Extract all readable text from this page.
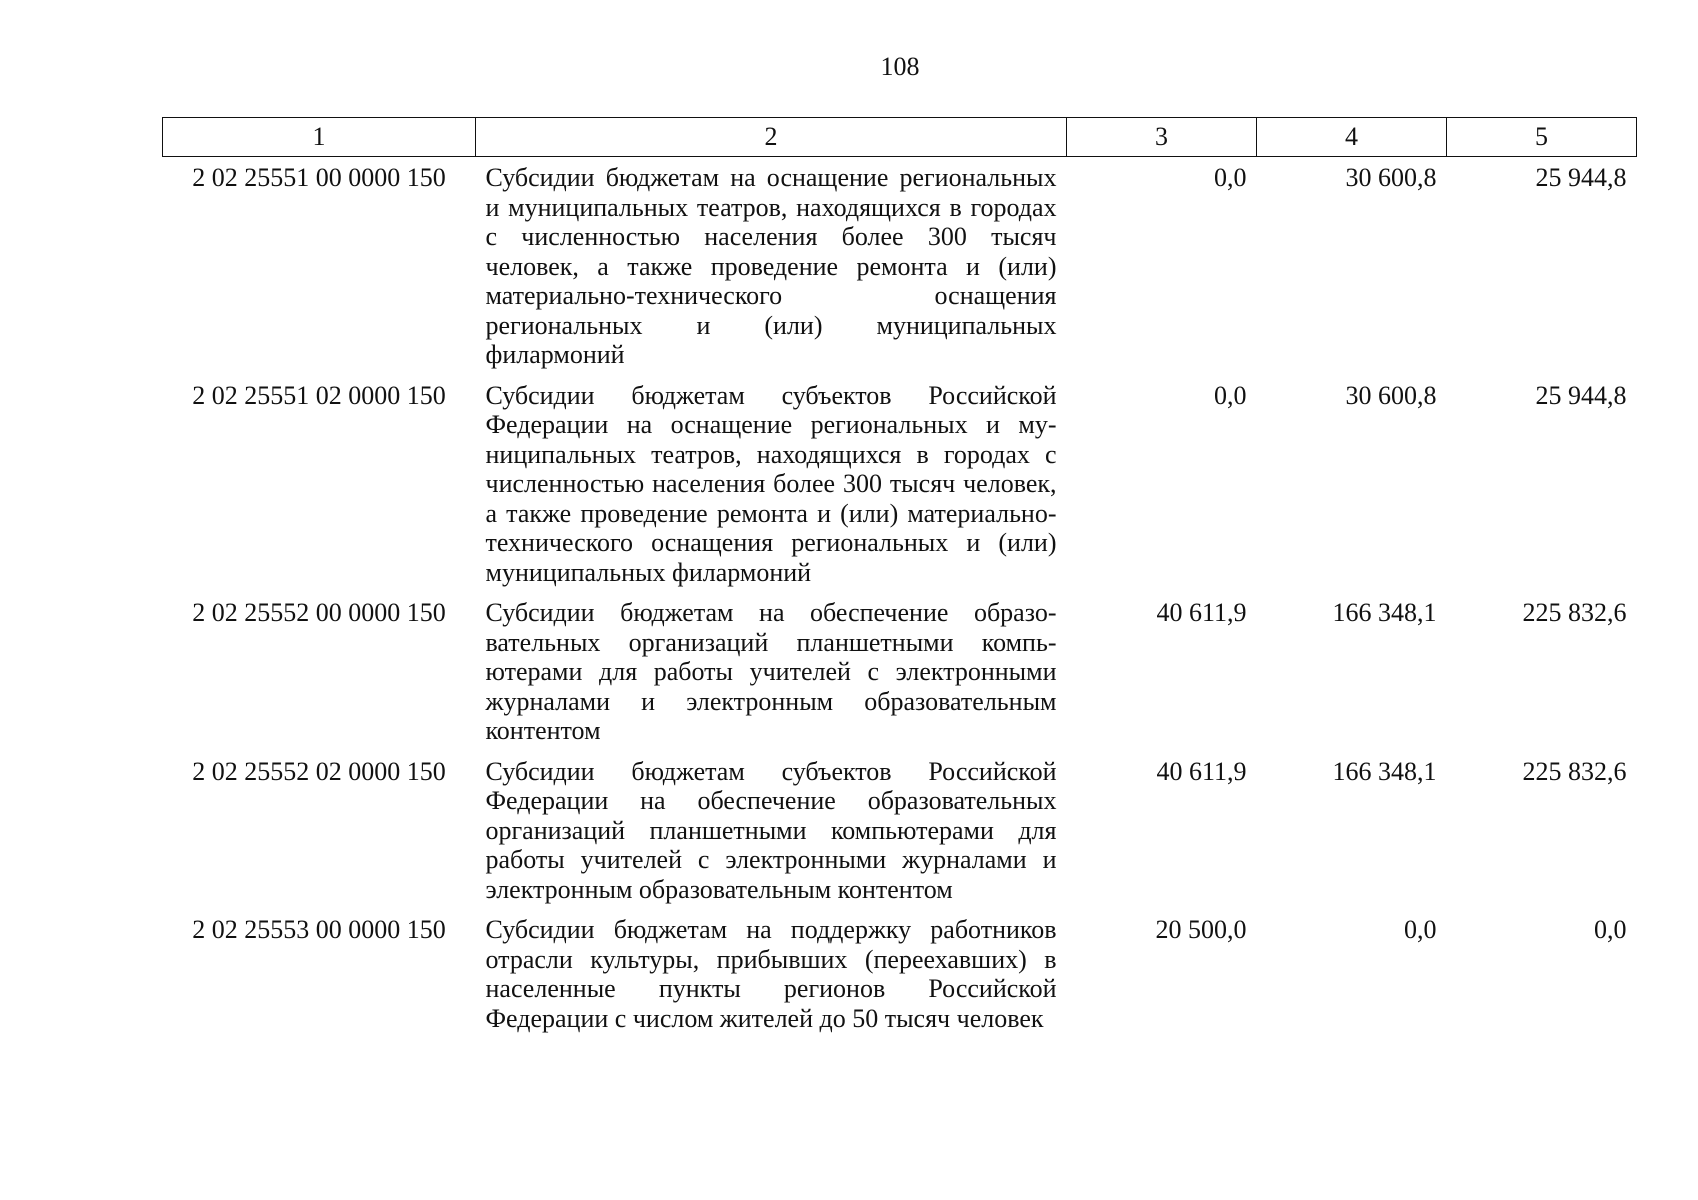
108
1	2	3	4	5
2 02 25551 00 0000 150	Субсидии бюджетам на оснащение региональных и муниципальных театров, находящихся в городах с численностью населения более 300 тысяч человек, а также проведение ремонта и (или) материально-технического оснащения региональных и (или) муниципальных филармоний	0,0	30 600,8	25 944,8
2 02 25551 02 0000 150	Субсидии бюджетам субъектов Российской Федерации на оснащение региональных и муниципальных театров, находящихся в городах с численностью населения более 300 тысяч человек, а также проведение ремонта и (или) материально-технического оснащения региональных и (или) муниципальных филармоний	0,0	30 600,8	25 944,8
2 02 25552 00 0000 150	Субсидии бюджетам на обеспечение образовательных организаций планшетными компьютерами для работы учителей с электронными журналами и электронным образовательным контентом	40 611,9	166 348,1	225 832,6
2 02 25552 02 0000 150	Субсидии бюджетам субъектов Российской Федерации на обеспечение образовательных организаций планшетными компьютерами для работы учителей с электронными журналами и электронным образовательным контентом	40 611,9	166 348,1	225 832,6
2 02 25553 00 0000 150	Субсидии бюджетам на поддержку работников отрасли культуры, прибывших (переехавших) в населенные пункты регионов Российской Федерации с числом жителей до 50 тысяч человек	20 500,0	0,0	0,0
